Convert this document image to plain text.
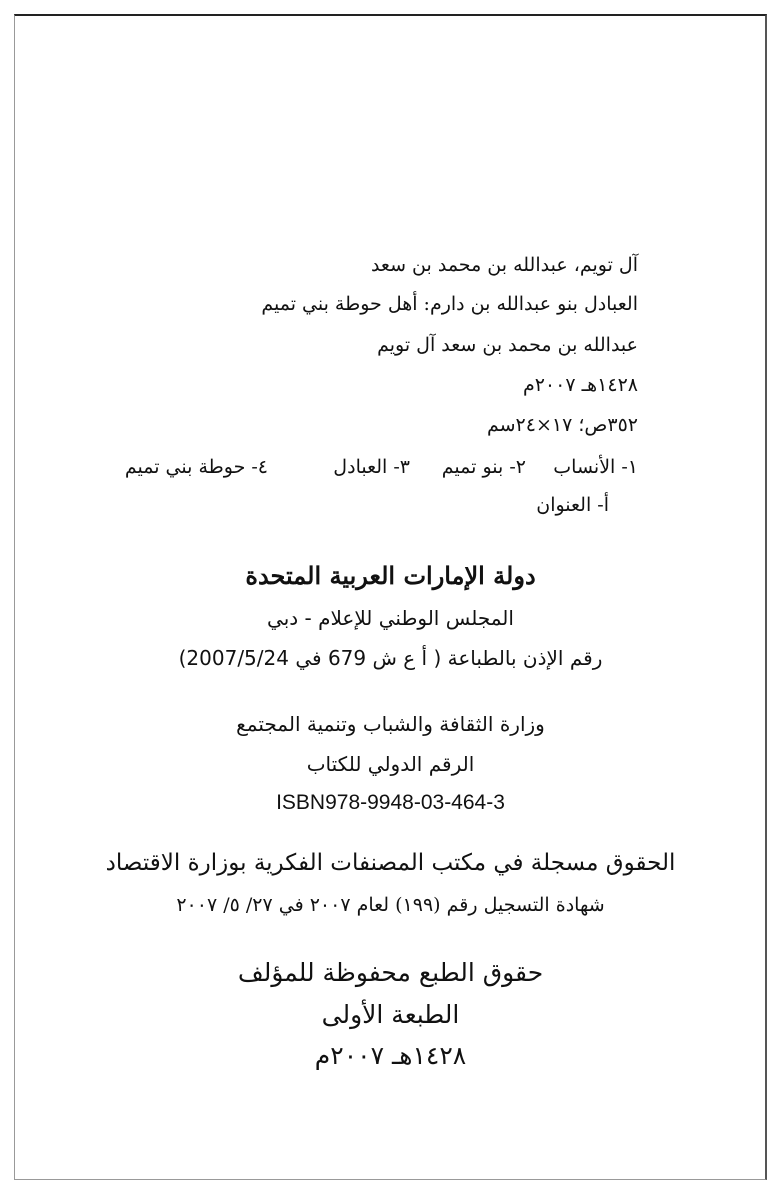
آل تويم، عبدالله بن محمد بن سعد
العبادل بنو عبدالله بن دارم: أهل حوطة بني تميم
عبدالله بن محمد بن سعد آل تويم
١٤٢٨هـ ٢٠٠٧م
٣٥٢ص؛ ١٧×٢٤سم
١- الأنساب
٢- بنو تميم
٣- العبادل
٤- حوطة بني تميم
أ- العنوان
دولة الإمارات العربية المتحدة
المجلس الوطني للإعلام - دبي
رقم الإذن بالطباعة ( أ ع ش 679 في 2007/5/24)
وزارة الثقافة والشباب وتنمية المجتمع
الرقم الدولي للكتاب
ISBN978-9948-03-464-3
الحقوق مسجلة في مكتب المصنفات الفكرية بوزارة الاقتصاد
شهادة التسجيل رقم (١٩٩) لعام ٢٠٠٧ في ٢٧/ ٥/ ٢٠٠٧
حقوق الطبع محفوظة للمؤلف
الطبعة الأولى
١٤٢٨هـ ٢٠٠٧م
